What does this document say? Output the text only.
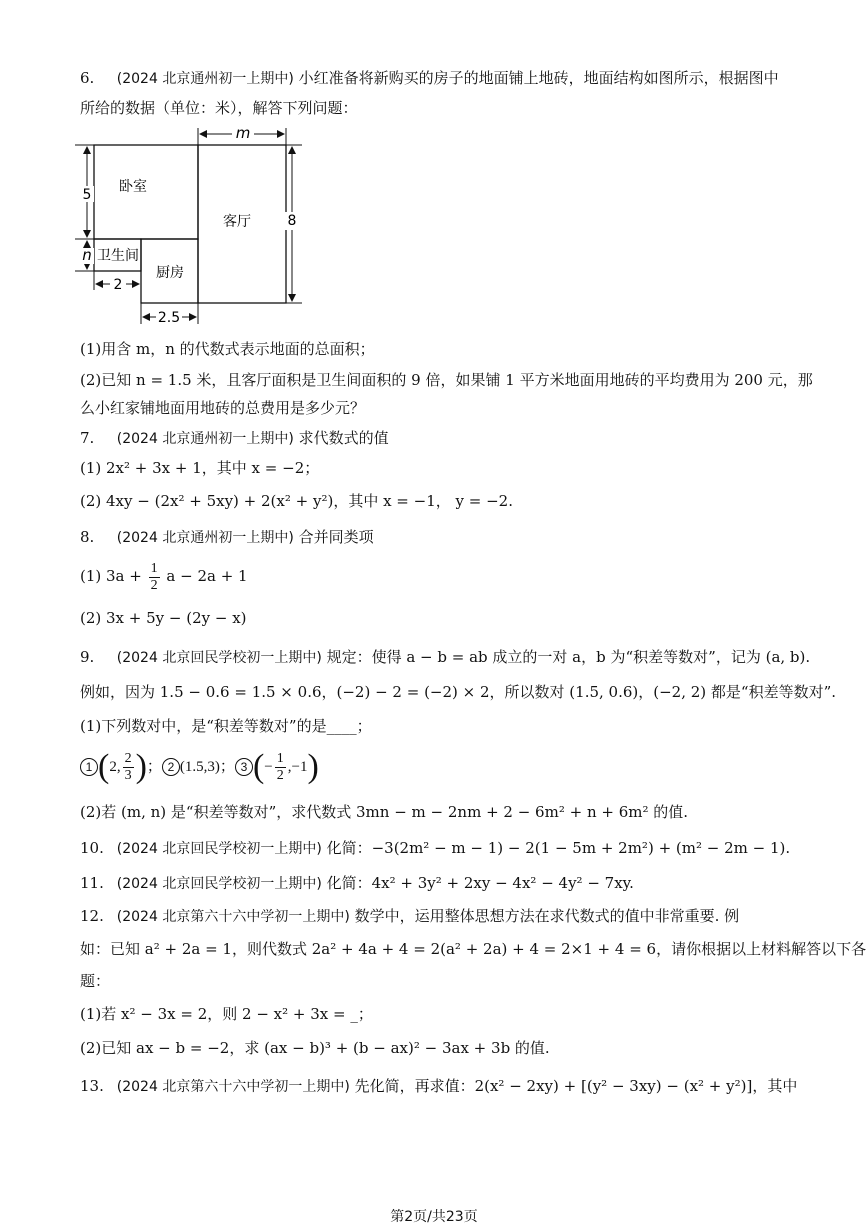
6. (2024 北京通州初一上期中) 小红准备将新购买的房子的地面铺上地砖，地面结构如图所示，根据图中
所给的数据（单位：米），解答下列问题：
m
5
8
n
2
2.5
卧室
客厅
卫生间
厨房
(1)用含 m，n 的代数式表示地面的总面积；
(2)已知 n = 1.5 米，且客厅面积是卫生间面积的 9 倍，如果铺 1 平方米地面用地砖的平均费用为 200 元，那
么小红家铺地面用地砖的总费用是多少元？
7. (2024 北京通州初一上期中) 求代数式的值
(1) 2x² + 3x + 1，其中 x = −2；
(2) 4xy − (2x² + 5xy) + 2(x² + y²)，其中 x = −1， y = −2.
8. (2024 北京通州初一上期中) 合并同类项
(1) $3a + \frac{1}{2}$ a − 2a + 1
(2) 3x + 5y − (2y − x)
9. (2024 北京回民学校初一上期中) 规定：使得 a − b = ab 成立的一对 a，b 为“积差等数对”，记为 (a, b).
例如，因为 1.5 − 0.6 = 1.5 × 0.6，(−2) − 2 = (−2) × 2，所以数对 (1.5, 0.6)，(−2, 2) 都是“积差等数对”.
(1)下列数对中，是“积差等数对”的是____；
1 (2, $\frac{2}{3}$ )； 2 (1.5,3)； 3 (− $\frac{1}{2} ,-1$)
(2)若 (m, n) 是“积差等数对”，求代数式 3mn − m − 2nm + 2 − 6m² + n + 6m² 的值.
10. (2024 北京回民学校初一上期中) 化简：−3(2m² − m − 1) − 2(1 − 5m + 2m²) + (m² − 2m − 1).
11. (2024 北京回民学校初一上期中) 化简：4x² + 3y² + 2xy − 4x² − 4y² − 7xy.
12. (2024 北京第六十六中学初一上期中) 数学中，运用整体思想方法在求代数式的值中非常重要. 例
如：已知 a² + 2a = 1，则代数式 2a² + 4a + 4 = 2(a² + 2a) + 4 = 2×1 + 4 = 6，请你根据以上材料解答以下各
题：
(1)若 x² − 3x = 2，则 2 − x² + 3x = _；
(2)已知 ax − b = −2，求 (ax − b)³ + (b − ax)² − 3ax + 3b 的值.
13. (2024 北京第六十六中学初一上期中) 先化简，再求值：2(x² − 2xy) + [(y² − 3xy) − (x² + y²)]，其中
第2页/共23页
